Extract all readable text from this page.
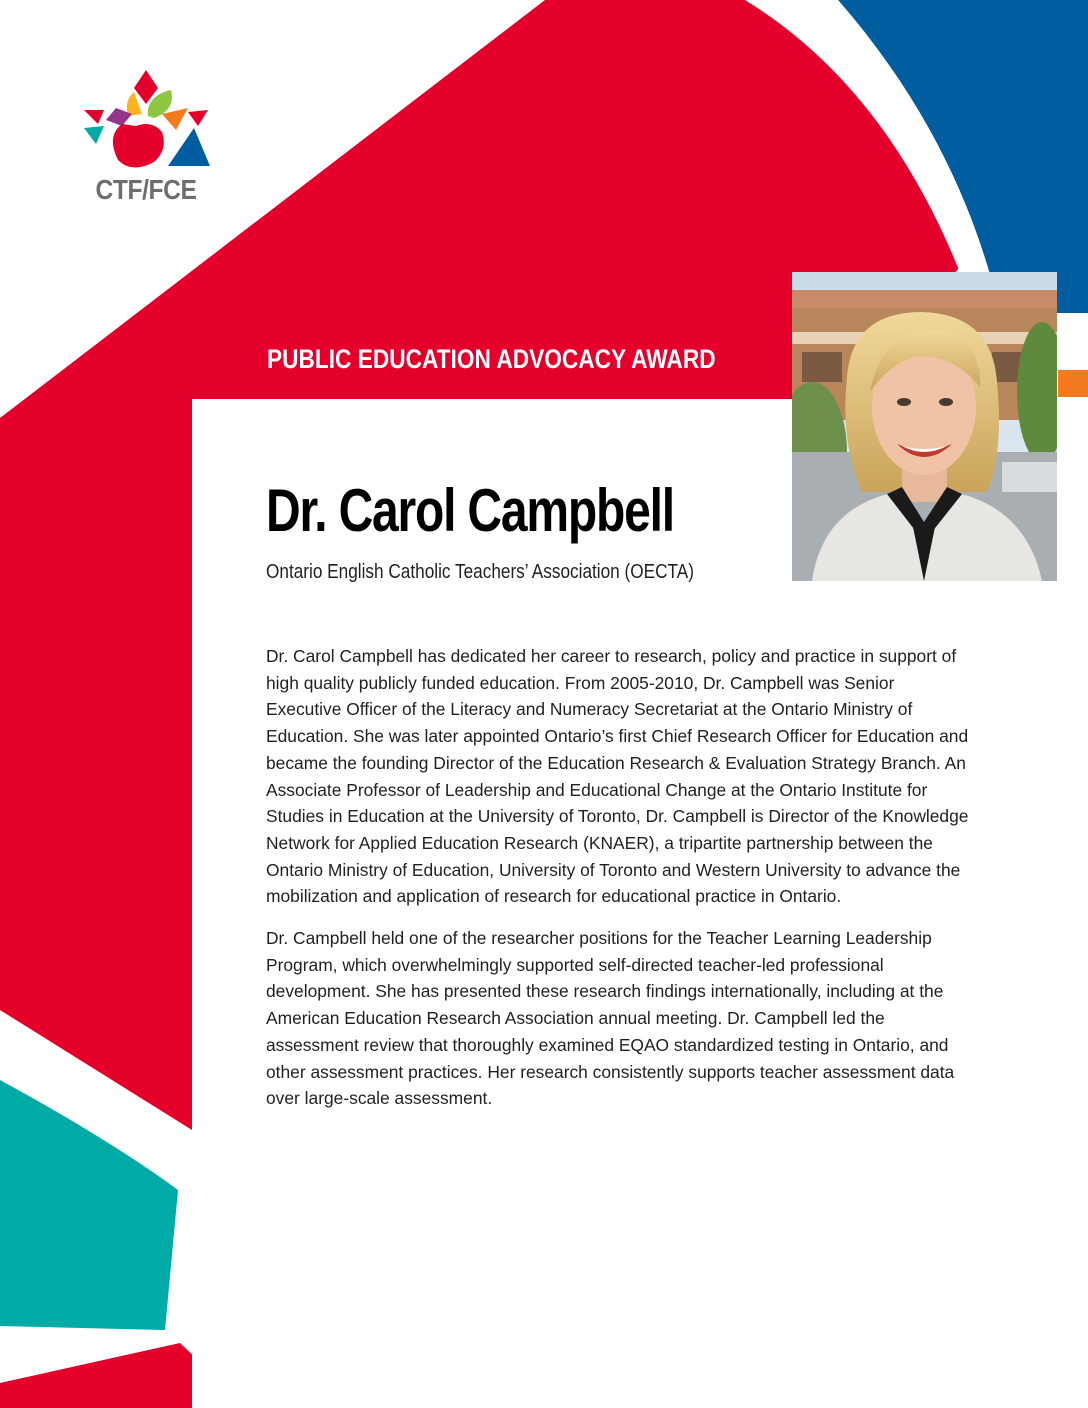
CTF/FCE
PUBLIC EDUCATION ADVOCACY AWARD
Dr. Carol Campbell
Ontario English Catholic Teachers’ Association (OECTA)

Dr. Carol Campbell has dedicated her career to research, policy and practice in support of high quality publicly funded education. From 2005-2010, Dr. Campbell was Senior Executive Officer of the Literacy and Numeracy Secretariat at the Ontario Ministry of Education. She was later appointed Ontario’s first Chief Research Officer for Education and became the founding Director of the Education Research & Evaluation Strategy Branch. An Associate Professor of Leadership and Educational Change at the Ontario Institute for Studies in Education at the University of Toronto, Dr. Campbell is Director of the Knowledge Network for Applied Education Research (KNAER), a tripartite partnership between the Ontario Ministry of Education, University of Toronto and Western University to advance the mobilization and application of research for educational practice in Ontario.

Dr. Campbell held one of the researcher positions for the Teacher Learning Leadership Program, which overwhelmingly supported self-directed teacher-led professional development. She has presented these research findings internationally, including at the American Education Research Association annual meeting. Dr. Campbell led the assessment review that thoroughly examined EQAO standardized testing in Ontario, and other assessment practices. Her research consistently supports teacher assessment data over large-scale assessment.
